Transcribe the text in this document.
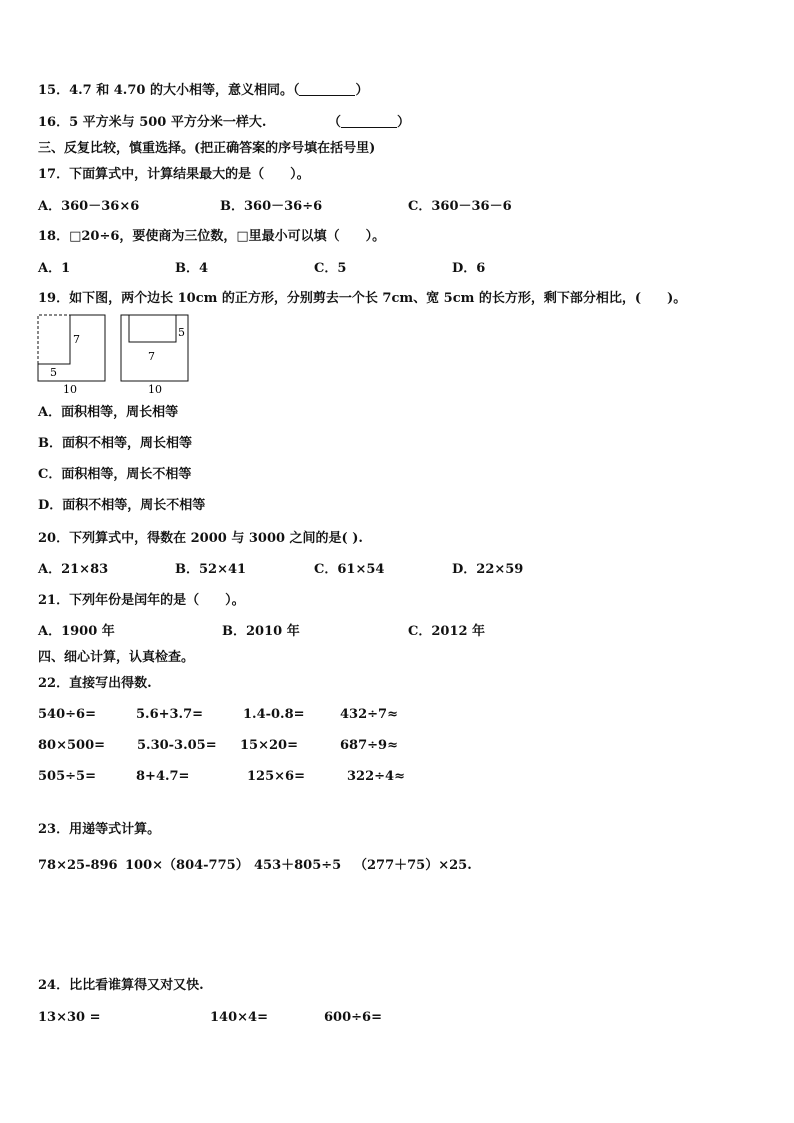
15．4.7 和 4.70 的大小相等，意义相同。（	）
16．5 平方米与 500 平方分米一样大.	（	）
三、反复比较，慎重选择。(把正确答案的序号填在括号里)
17．下面算式中，计算结果最大的是（　　）。
A．360－36×6	B．360－36÷6	C．360－36－6
18．□20÷6，要使商为三位数，□里最小可以填（　　）。
A．1	B．4	C．5	D．6
19．如下图，两个边长 10cm 的正方形，分别剪去一个长 7cm、宽 5cm 的长方形，剩下部分相比，(　　)。
7
5
10
5
7
10
A．面积相等，周长相等
B．面积不相等，周长相等
C．面积相等，周长不相等
D．面积不相等，周长不相等
20．下列算式中，得数在 2000 与 3000 之间的是( ).
A．21×83	B．52×41	C．61×54	D．22×59
21．下列年份是闰年的是（　　）。
A．1900 年	B．2010 年	C．2012 年
四、细心计算，认真检查。
22．直接写出得数.
540÷6=	5.6+3.7=	1.4-0.8=	432÷7≈
80×500= 5.30-3.05= 15×20=	687÷9≈
505÷5=	8+4.7=	125×6=	322÷4≈
23．用递等式计算。
78×25-896 100×（804-775） 453＋805÷5 （277＋75）×25.
24．比比看谁算得又对又快.
13×30 =	140×4=	600÷6=
